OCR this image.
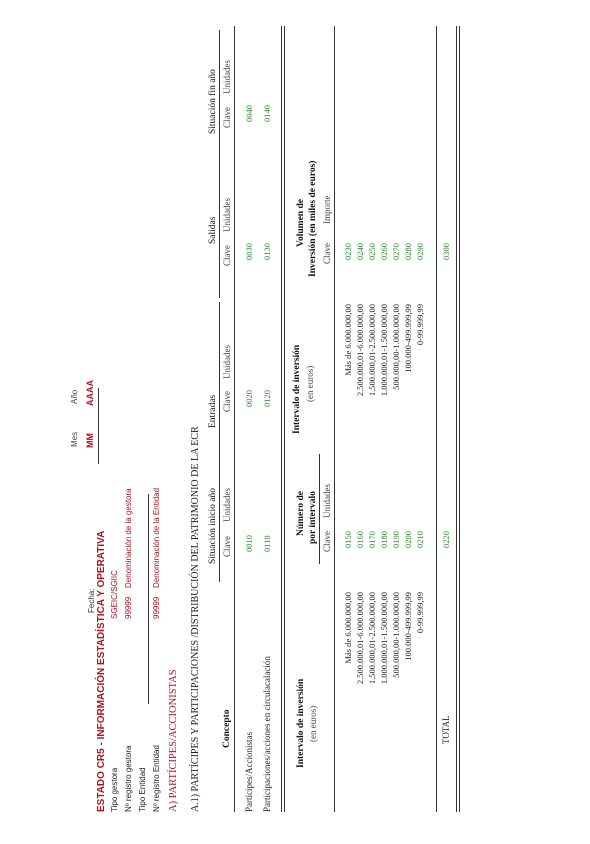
Mes
Año
Fecha:
MM
AAAA
ESTADO CR5 - INFORMACIÓN ESTADÍSTICA Y OPERATIVA Tipo gestora
SGEIC/SGIIC
Nº registro gestora
99999
Denominación de la gestora
Tipo Entidad Nº registro Entidad
99999
Denominación de la Entidad
A) PARTÍCIPES/ACCIONISTAS A.1) PARTÍCIPES Y PARTICIPACIONES /DISTRIBUCIÓN DEL PATRIMONIO DE LA ECR Concepto
Situación inicio año
Entradas
Salidas
Situación fin año
Clave
Unidades
Clave
Unidades
Clave
Unidades
Clave
Unidades
Partícipes/Accionistas
0010
0020
0030
0040
Participaciones/acciones en circulacalación
0110
0120
0130
0140
Intervalo de inversión (en euros)
Número de por intervalo
Intervalo de inversión (en euros)
Volumen de Inversión (en miles de euros)
Clave
Unidades
Clave
Importe
Más de 6.000.000,00
0150
Más de 6.000.000,00
0230
2.500.000,01-6.000.000,00
0160
2.500.000,01-6.000.000,00
0240
1.500.000,01-2.500.000,00
0170
1.500.000,01-2.500.000,00
0250
1.000.000,01-1.500.000,00
0180
1.000.000,01-1.500.000,00
0260
500.000,00-1.000.000,00
0190
500.000,00-1.000.000,00
0270
100.000-499.999,99
0200
100.000-499.999,99
0280
0-99.999,99
0210
0-99.999,99
0290
TOTAL
0220
0300
